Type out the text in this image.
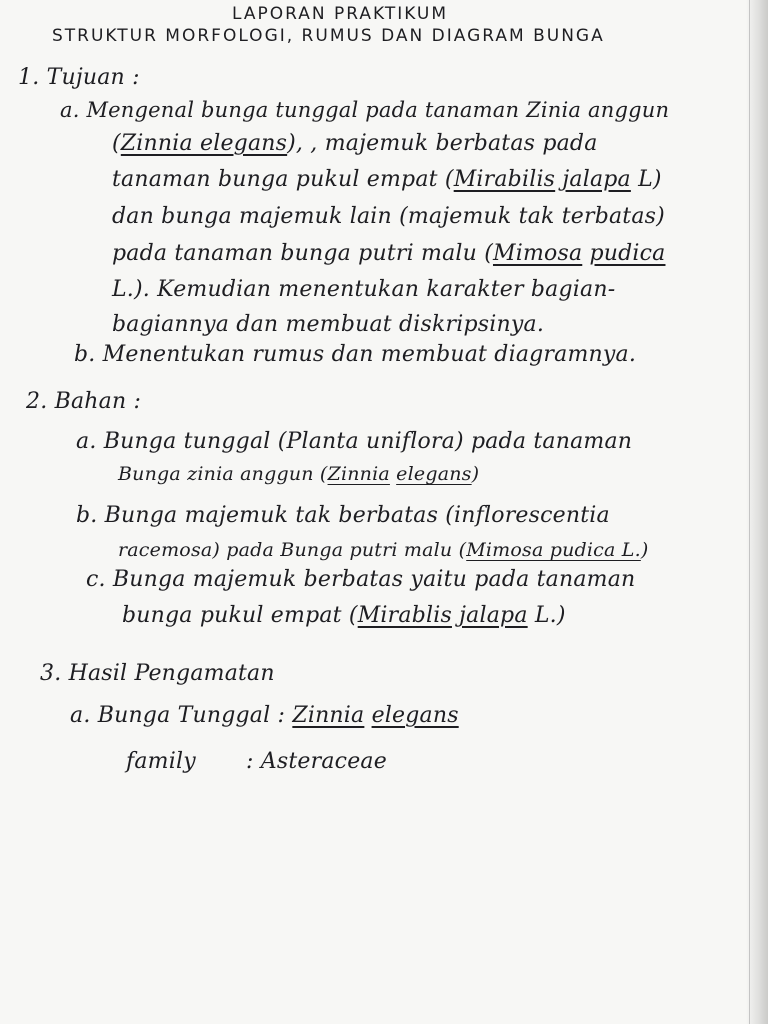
LAPORAN PRAKTIKUM
STRUKTUR MORFOLOGI, RUMUS DAN DIAGRAM BUNGA
1. Tujuan :
a. Mengenal bunga tunggal pada tanaman Zinia anggun
(Zinnia elegans), , majemuk berbatas pada
tanaman bunga pukul empat (Mirabilis jalapa L)
dan bunga majemuk lain (majemuk tak terbatas)
pada tanaman bunga putri malu (Mimosa pudica
L.). Kemudian menentukan karakter bagian-
bagiannya dan membuat diskripsinya.
b. Menentukan rumus dan membuat diagramnya.
2. Bahan :
a. Bunga tunggal (Planta uniflora) pada tanaman
Bunga zinia anggun (Zinnia elegans)
b. Bunga majemuk tak berbatas (inflorescentia
racemosa) pada Bunga putri malu (Mimosa pudica L.)
c. Bunga majemuk berbatas yaitu pada tanaman
bunga pukul empat (Mirablis jalapa L.)
3. Hasil Pengamatan
a. Bunga Tunggal : Zinnia elegans
family : Asteraceae
